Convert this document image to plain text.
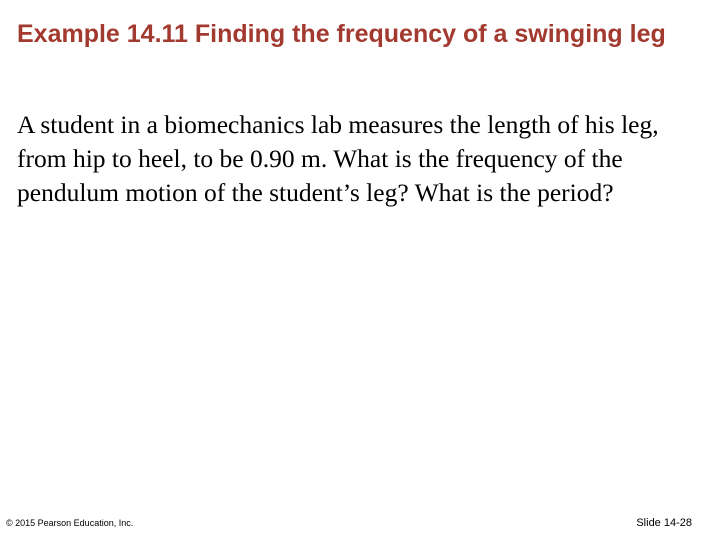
Example 14.11 Finding the frequency of a swinging leg

A student in a biomechanics lab measures the length of his leg, from hip to heel, to be 0.90 m. What is the frequency of the pendulum motion of the student’s leg? What is the period?

© 2015 Pearson Education, Inc.	Slide 14-28
